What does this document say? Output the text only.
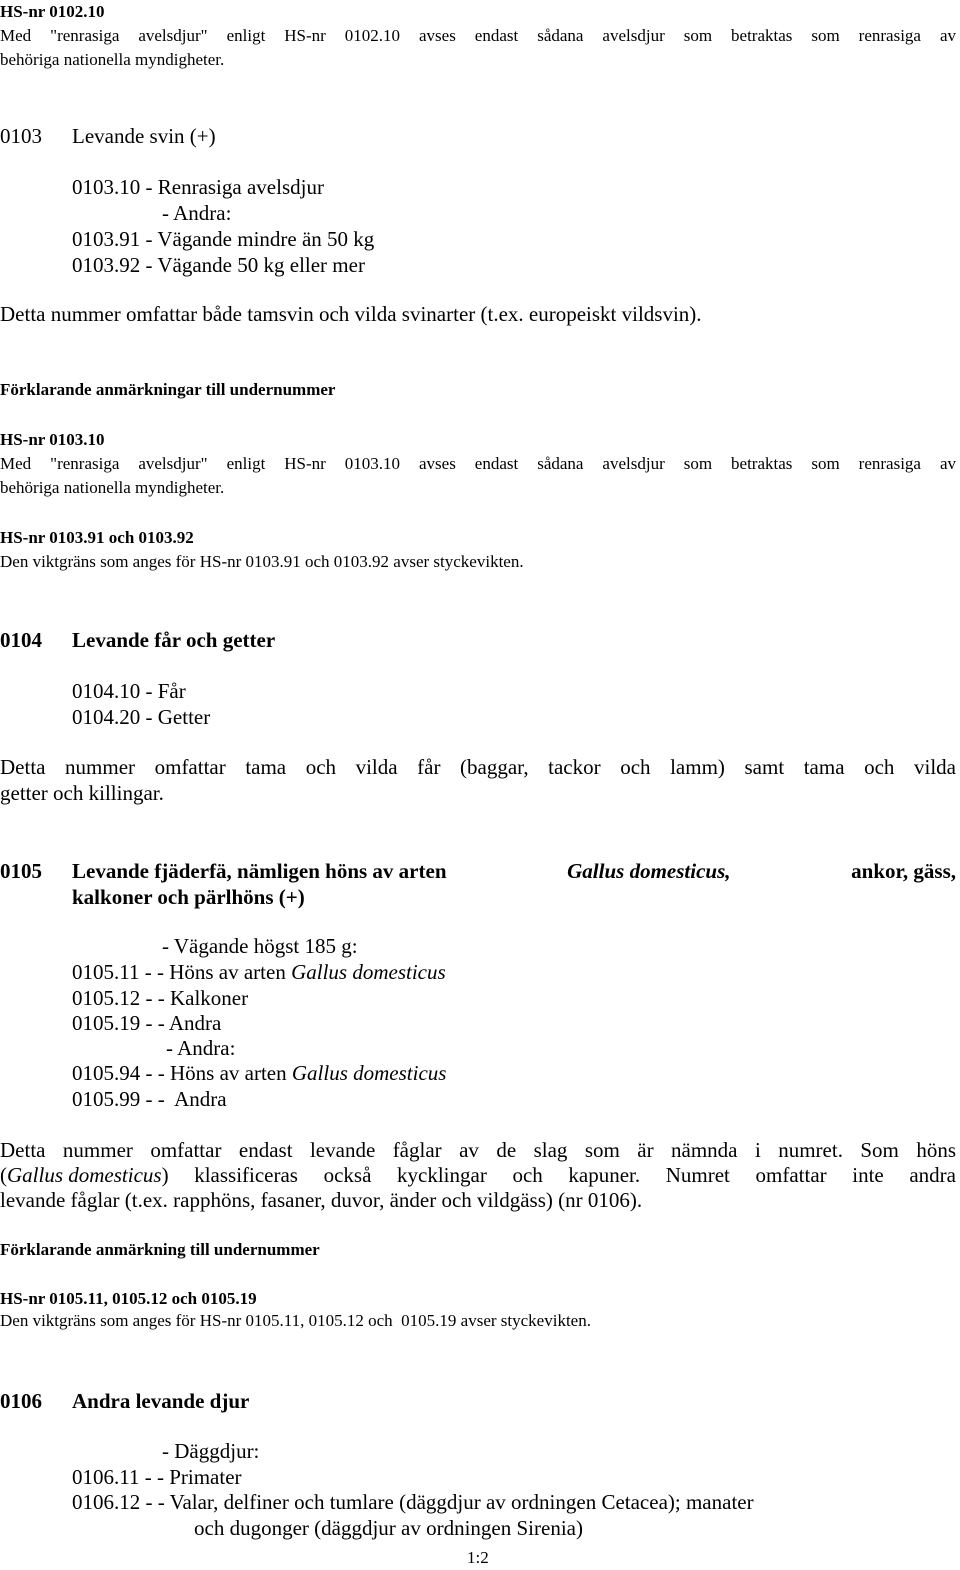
HS-nr 0102.10
Med "renrasiga avelsdjur" enligt HS-nr 0102.10 avses endast sådana avelsdjur som betraktas som renrasiga av
behöriga nationella myndigheter.
0103 Levande svin (+)
0103.10 - Renrasiga avelsdjur
- Andra:
0103.91 - Vägande mindre än 50 kg
0103.92 - Vägande 50 kg eller mer
Detta nummer omfattar både tamsvin och vilda svinarter (t.ex. europeiskt vildsvin).
Förklarande anmärkningar till undernummer
HS-nr 0103.10
Med "renrasiga avelsdjur" enligt HS-nr 0103.10 avses endast sådana avelsdjur som betraktas som renrasiga av
behöriga nationella myndigheter.
HS-nr 0103.91 och 0103.92
Den viktgräns som anges för HS-nr 0103.91 och 0103.92 avser styckevikten.
0104 Levande får och getter
0104.10 - Får
0104.20 - Getter
Detta nummer omfattar tama och vilda får (baggar, tackor och lamm) samt tama och vilda
getter och killingar.
0105 Levande fjäderfä, nämligen höns av arten	Gallus domesticus,	ankor, gäss,
kalkoner och pärlhöns (+)
- Vägande högst 185 g:
0105.11 - - Höns av arten Gallus domesticus
0105.12 - - Kalkoner
0105.19 - - Andra
- Andra:
0105.94 - - Höns av arten Gallus domesticus
0105.99 - -  Andra
Detta nummer omfattar endast levande fåglar av de slag som är nämnda i numret. Som höns
( Gallus domesticus ) klassificeras också kycklingar och kapuner. Numret omfattar inte andra
levande fåglar (t.ex. rapphöns, fasaner, duvor, änder och vildgäss) (nr 0106).
Förklarande anmärkning till undernummer
HS-nr 0105.11, 0105.12 och 0105.19
Den viktgräns som anges för HS-nr 0105.11, 0105.12 och  0105.19 avser styckevikten.
0106 Andra levande djur
- Däggdjur:
0106.11 - - Primater
0106.12 - - Valar, delfiner och tumlare (däggdjur av ordningen Cetacea); manater
och dugonger (däggdjur av ordningen Sirenia)
1:2
